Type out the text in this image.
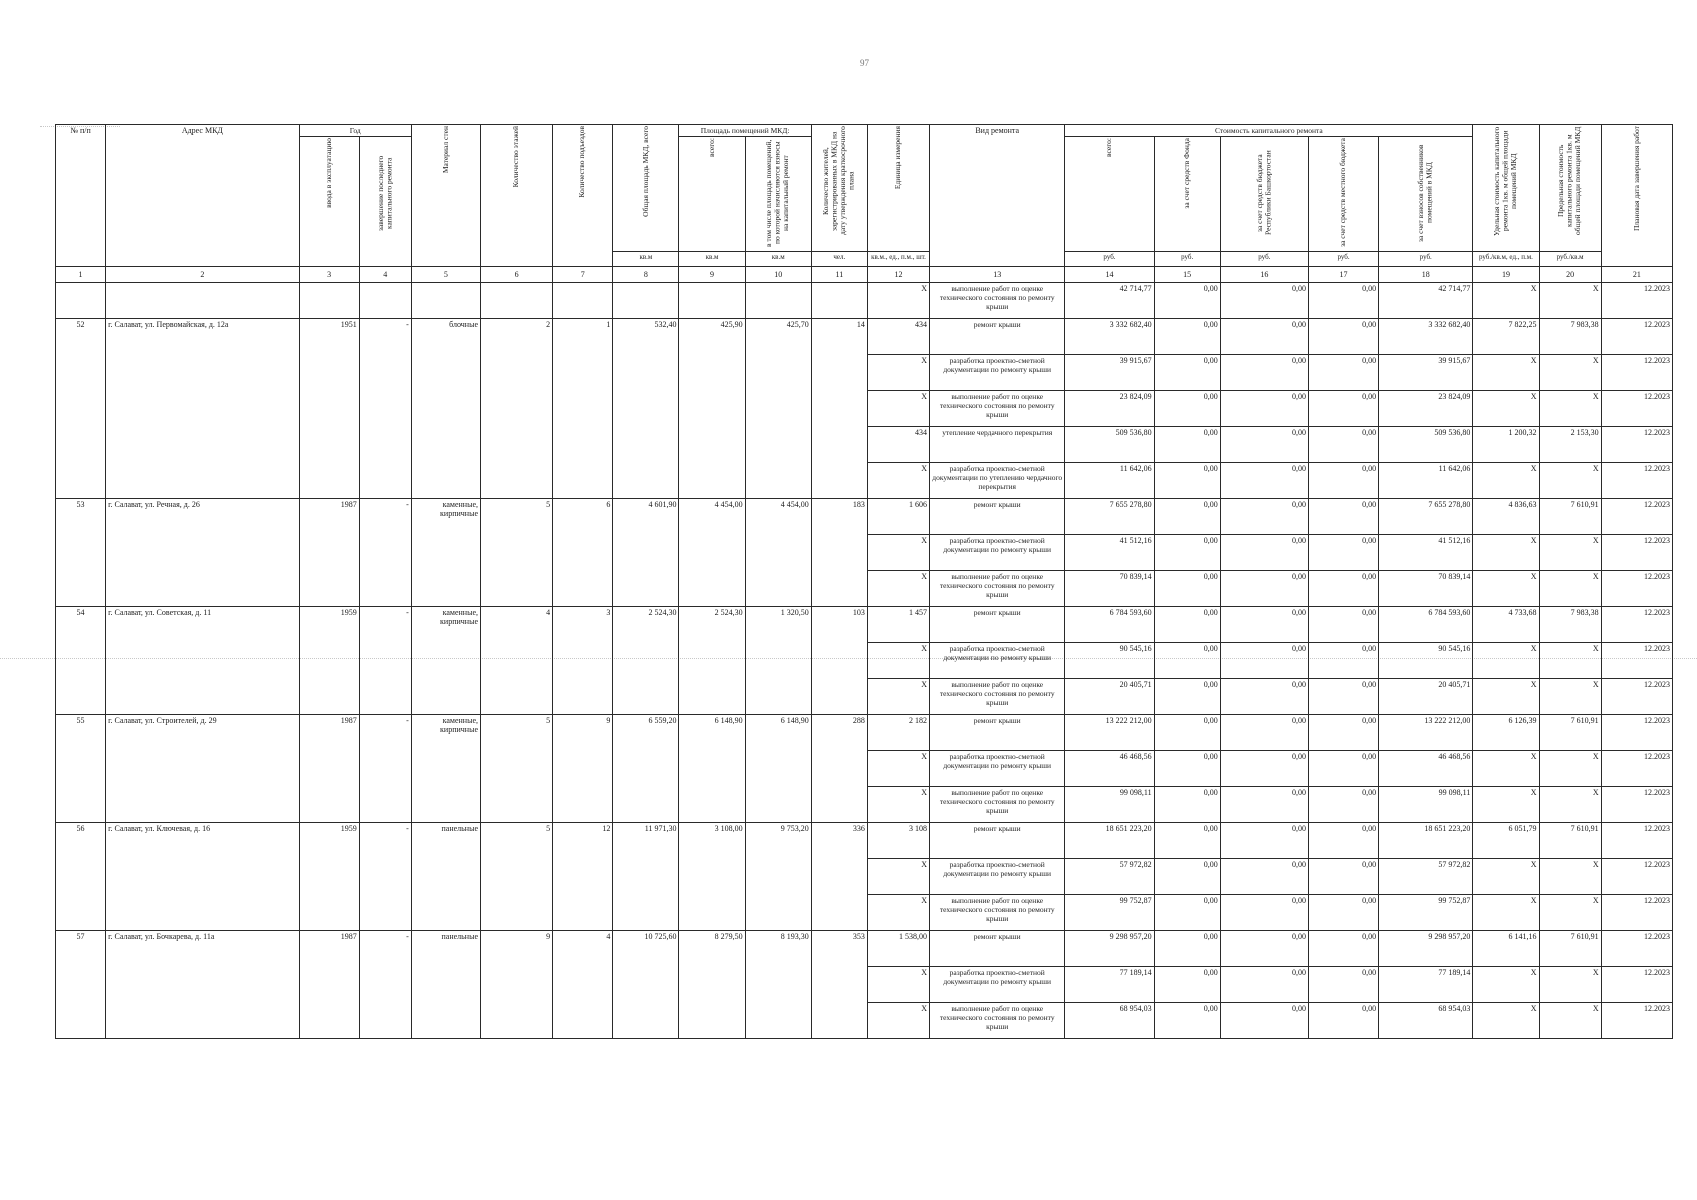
97
№ п/п	Адрес МКД	Год		Материал стен	Количество этажей	Количество подъездов	Общая площадь МКД, всего	Площадь помещений МКД:		Количество жителей, зарегистрированных в МКД на дату утверждения краткосрочного плана	Единица измерения	Вид ремонта	Стоимость капитального ремонта					Удельная стоимость капитального ремонта 1кв. м общей площади помещений МКД	Предельная стоимость капитального ремонта 1кв. м общей площади помещений МКД	Плановая дата завершения работ
		ввода в эксплуатацию	завершение последнего капитального ремонта					всего:	в том числе площадь помещений, по которой начисляются взносы на капитальный ремонт				всего:	за счет средств Фонда	за счет средств бюджета Республики Башкортостан	за счет средств местного бюджета	за счет взносов собственников помещений в МКД			
							кв.м	кв.м	кв.м	чел.	кв.м., ед., п.м., шт.		руб.	руб.	руб.	руб.	руб.	руб./кв.м, ед., п.м.	руб./кв.м	
1	2	3	4	5	6	7	8	9	10	11	12	13	14	15	16	17	18	19	20	21
											X	выполнение работ по оценке технического состояния по ремонту крыши	42 714,77	0,00	0,00	0,00	42 714,77	X	X	12.2023
52	г. Салават, ул. Первомайская, д. 12а	1951	-	блочные	2	1	532,40	425,90	425,70	14	434	ремонт крыши	3 332 682,40	0,00	0,00	0,00	3 332 682,40	7 822,25	7 983,38	12.2023
											X	разработка проектно-сметной документации по ремонту крыши	39 915,67	0,00	0,00	0,00	39 915,67	X	X	12.2023
											X	выполнение работ по оценке технического состояния по ремонту крыши	23 824,09	0,00	0,00	0,00	23 824,09	X	X	12.2023
											434	утепление чердачного перекрытия	509 536,80	0,00	0,00	0,00	509 536,80	1 200,32	2 153,30	12.2023
											X	разработка проектно-сметной документации по утеплению чердачного перекрытия	11 642,06	0,00	0,00	0,00	11 642,06	X	X	12.2023
53	г. Салават, ул. Речная, д. 26	1987	-	каменные, кирпичные	5	6	4 601,90	4 454,00	4 454,00	183	1 606	ремонт крыши	7 655 278,80	0,00	0,00	0,00	7 655 278,80	4 836,63	7 610,91	12.2023
											X	разработка проектно-сметной документации по ремонту крыши	41 512,16	0,00	0,00	0,00	41 512,16	X	X	12.2023
											X	выполнение работ по оценке технического состояния по ремонту крыши	70 839,14	0,00	0,00	0,00	70 839,14	X	X	12.2023
54	г. Салават, ул. Советская, д. 11	1959	-	каменные, кирпичные	4	3	2 524,30	2 524,30	1 320,50	103	1 457	ремонт крыши	6 784 593,60	0,00	0,00	0,00	6 784 593,60	4 733,68	7 983,38	12.2023
											X	разработка проектно-сметной документации по ремонту крыши	90 545,16	0,00	0,00	0,00	90 545,16	X	X	12.2023
											X	выполнение работ по оценке технического состояния по ремонту крыши	20 405,71	0,00	0,00	0,00	20 405,71	X	X	12.2023
55	г. Салават, ул. Строителей, д. 29	1987	-	каменные, кирпичные	5	9	6 559,20	6 148,90	6 148,90	288	2 182	ремонт крыши	13 222 212,00	0,00	0,00	0,00	13 222 212,00	6 126,39	7 610,91	12.2023
											X	разработка проектно-сметной документации по ремонту крыши	46 468,56	0,00	0,00	0,00	46 468,56	X	X	12.2023
											X	выполнение работ по оценке технического состояния по ремонту крыши	99 098,11	0,00	0,00	0,00	99 098,11	X	X	12.2023
56	г. Салават, ул. Ключевая, д. 16	1959	-	панельные	5	12	11 971,30	3 108,00	9 753,20	336	3 108	ремонт крыши	18 651 223,20	0,00	0,00	0,00	18 651 223,20	6 051,79	7 610,91	12.2023
											X	разработка проектно-сметной документации по ремонту крыши	57 972,82	0,00	0,00	0,00	57 972,82	X	X	12.2023
											X	выполнение работ по оценке технического состояния по ремонту крыши	99 752,87	0,00	0,00	0,00	99 752,87	X	X	12.2023
57	г. Салават, ул. Бочкарева, д. 11а	1987	-	панельные	9	4	10 725,60	8 279,50	8 193,30	353	1 538,00	ремонт крыши	9 298 957,20	0,00	0,00	0,00	9 298 957,20	6 141,16	7 610,91	12.2023
											X	разработка проектно-сметной документации по ремонту крыши	77 189,14	0,00	0,00	0,00	77 189,14	X	X	12.2023
											X	выполнение работ по оценке технического состояния по ремонту крыши	68 954,03	0,00	0,00	0,00	68 954,03	X	X	12.2023
